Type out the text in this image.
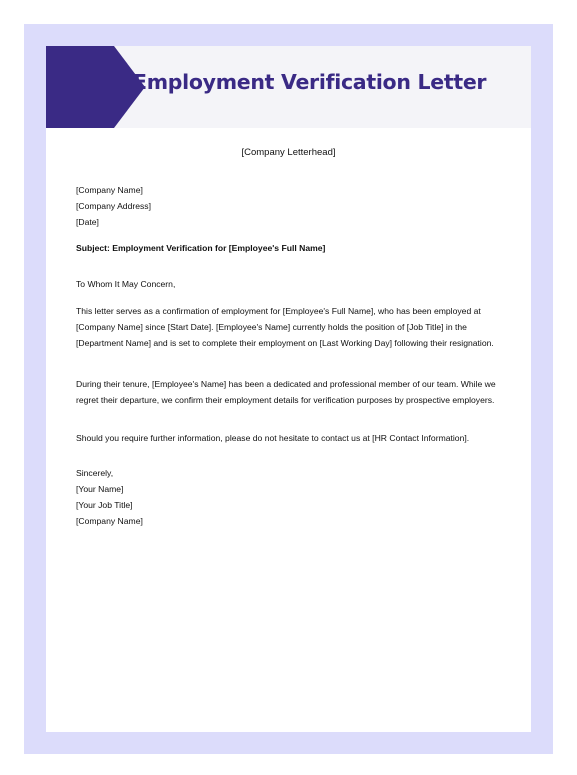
Employment Verification Letter
[Company Letterhead]

[Company Name]

[Company Address]

[Date]

Subject: Employment Verification for [Employee's Full Name]
To Whom It May Concern,
This letter serves as a confirmation of employment for [Employee's Full Name], who has been employed at [Company Name] since [Start Date]. [Employee's Name] currently holds the position of [Job Title] in the [Department Name] and is set to complete their employment on [Last Working Day] following their resignation.
During their tenure, [Employee's Name] has been a dedicated and professional member of our team. While we regret their departure, we confirm their employment details for verification purposes by prospective employers.
Should you require further information, please do not hesitate to contact us at [HR Contact Information].

Sincerely,

[Your Name]

[Your Job Title]

[Company Name]
